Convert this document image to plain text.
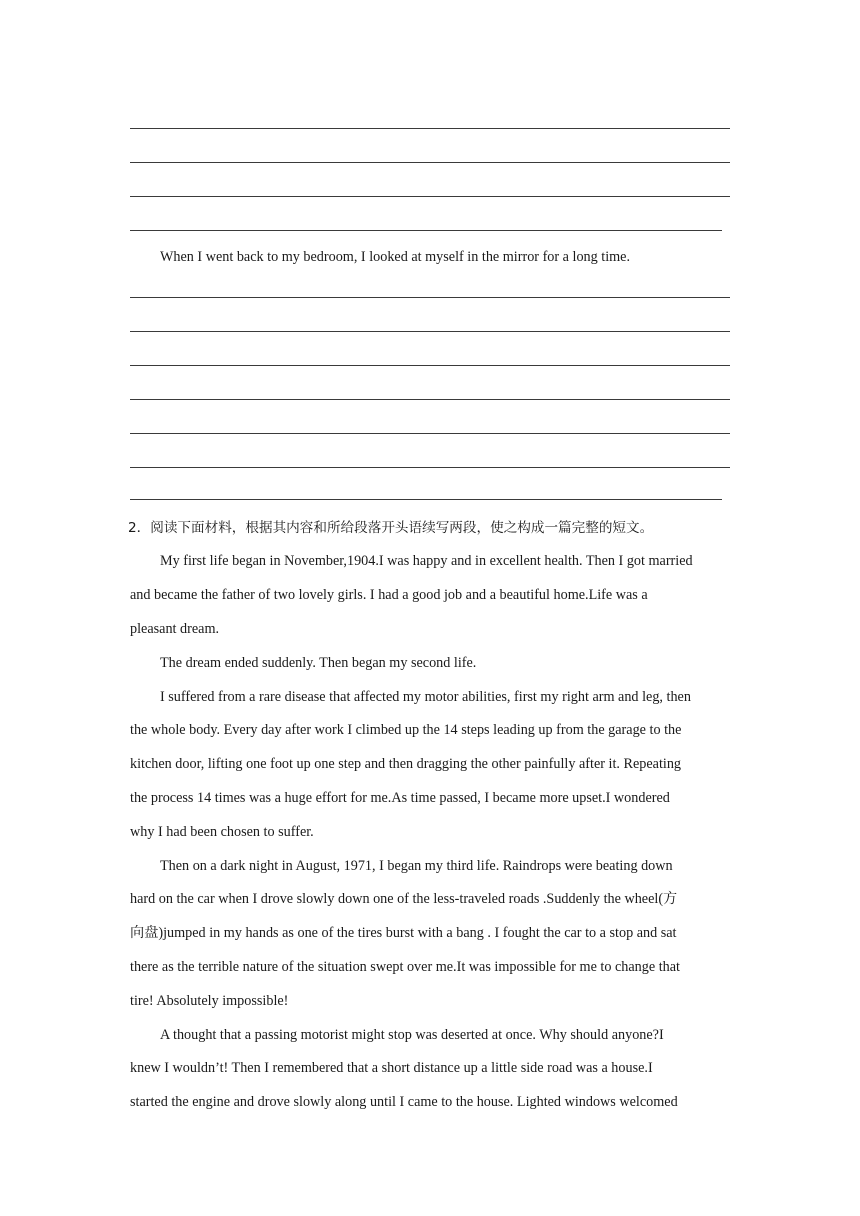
When I went back to my bedroom, I looked at myself in the mirror for a long time.
2．阅读下面材料，根据其内容和所给段落开头语续写两段，使之构成一篇完整的短文。
My first life began in November,1904.I was happy and in excellent health. Then I got married
and became the father of two lovely girls. I had a good job and a beautiful home.Life was a
pleasant dream.
The dream ended suddenly. Then began my second life.
I suffered from a rare disease that affected my motor abilities, first my right arm and leg, then
the whole body. Every day after work I climbed up the 14 steps leading up from the garage to the
kitchen door, lifting one foot up one step and then dragging the other painfully after it. Repeating
the process 14 times was a huge effort for me.As time passed, I became more upset.I wondered
why I had been chosen to suffer.
Then on a dark night in August, 1971, I began my third life. Raindrops were beating down
hard on the car when I drove slowly down one of the less-traveled roads .Suddenly the wheel(方
向盘)jumped in my hands as one of the tires burst with a bang . I fought the car to a stop and sat
there as the terrible nature of the situation swept over me.It was impossible for me to change that
tire! Absolutely impossible!
A thought that a passing motorist might stop was deserted at once. Why should anyone?I
knew I wouldn’t! Then I remembered that a short distance up a little side road was a house.I
started the engine and drove slowly along until I came to the house. Lighted windows welcomed
